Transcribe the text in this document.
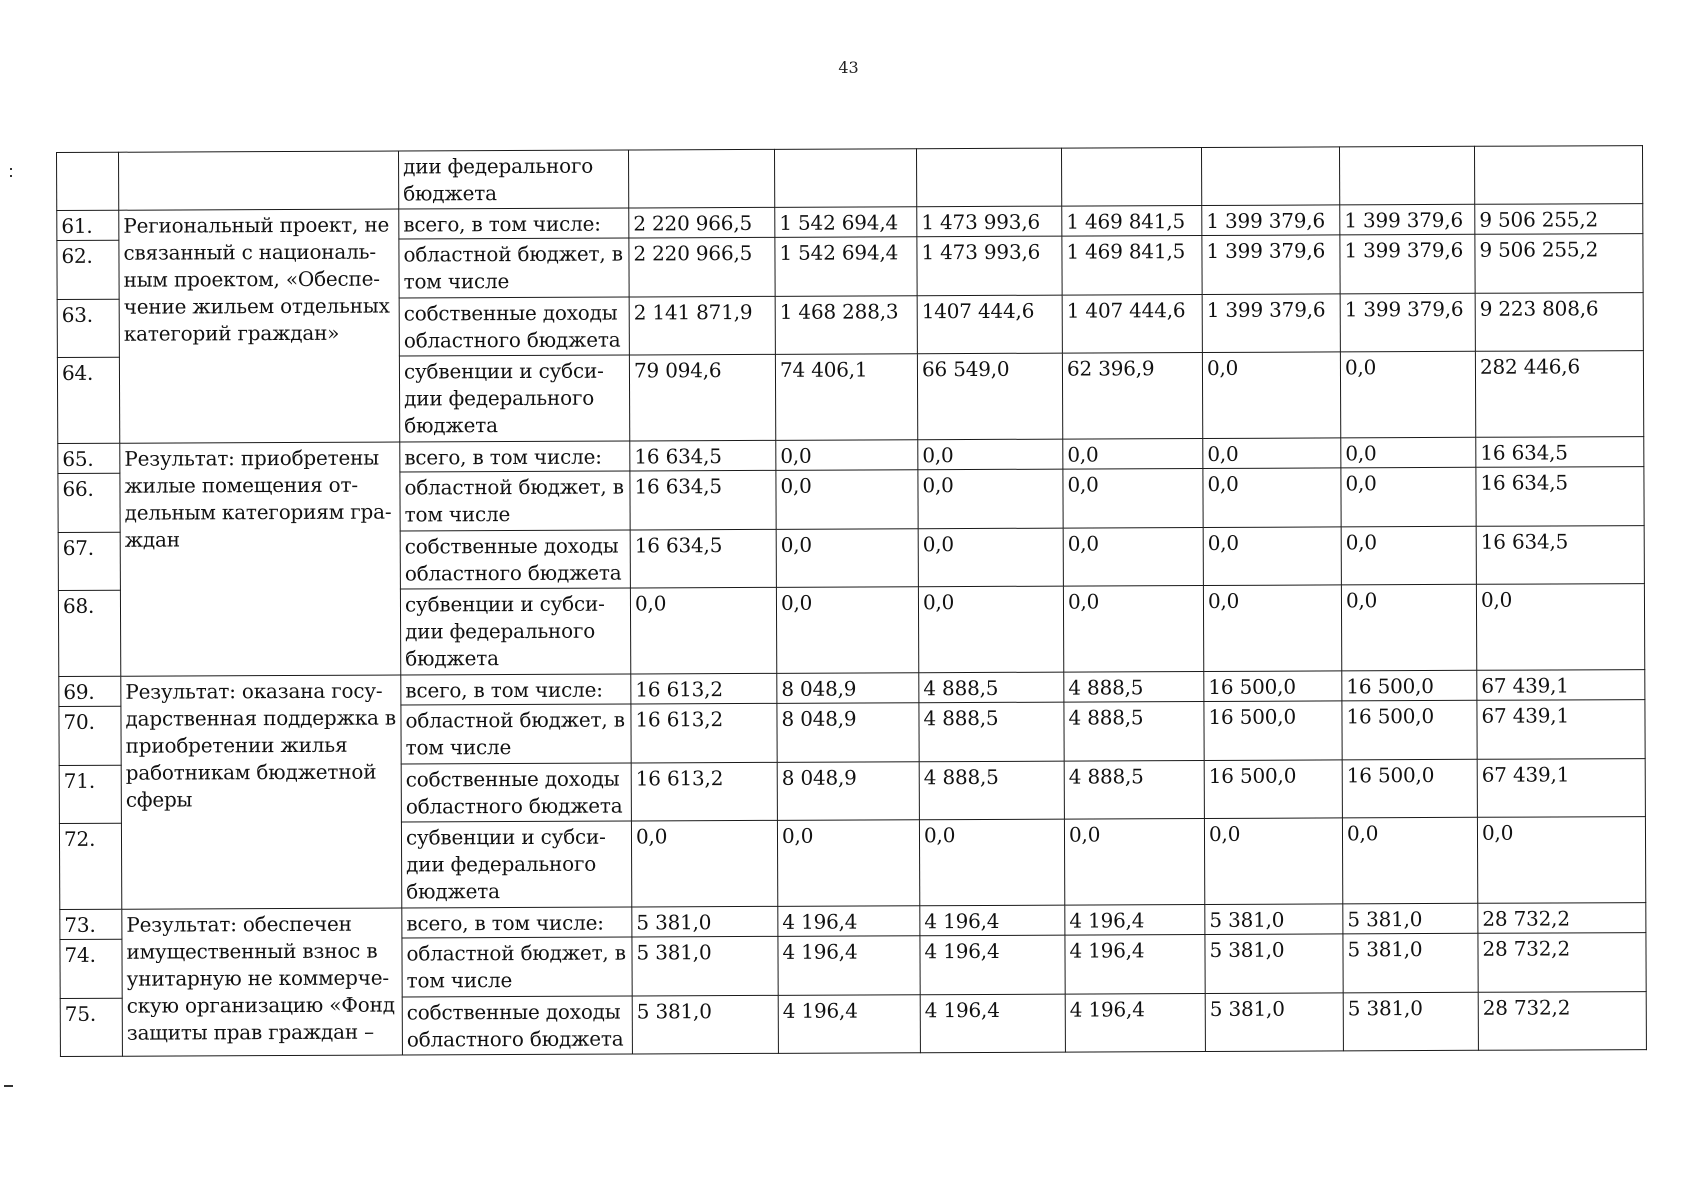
43
		дии федерального бюджета							
61.	Региональный проект, не связанный с националь-ным проектом, «Обеспе-чение жильем отдельных категорий граждан»	всего, в том числе:	2 220 966,5	1 542 694,4	1 473 993,6	1 469 841,5	1 399 379,6	1 399 379,6	9 506 255,2
62.		областной бюджет, в том числе	2 220 966,5	1 542 694,4	1 473 993,6	1 469 841,5	1 399 379,6	1 399 379,6	9 506 255,2
63.		собственные доходы областного бюджета	2 141 871,9	1 468 288,3	1407 444,6	1 407 444,6	1 399 379,6	1 399 379,6	9 223 808,6
64.		субвенции и субси-дии федерального бюджета	79 094,6	74 406,1	66 549,0	62 396,9	0,0	0,0	282 446,6
65.	Результат: приобретены жилые помещения от-дельным категориям гра-ждан	всего, в том числе:	16 634,5	0,0	0,0	0,0	0,0	0,0	16 634,5
66.		областной бюджет, в том числе	16 634,5	0,0	0,0	0,0	0,0	0,0	16 634,5
67.		собственные доходы областного бюджета	16 634,5	0,0	0,0	0,0	0,0	0,0	16 634,5
68.		субвенции и субси-дии федерального бюджета	0,0	0,0	0,0	0,0	0,0	0,0	0,0
69.	Результат: оказана госу-дарственная поддержка в приобретении жилья работникам бюджетной сферы	всего, в том числе:	16 613,2	8 048,9	4 888,5	4 888,5	16 500,0	16 500,0	67 439,1
70.		областной бюджет, в том числе	16 613,2	8 048,9	4 888,5	4 888,5	16 500,0	16 500,0	67 439,1
71.		собственные доходы областного бюджета	16 613,2	8 048,9	4 888,5	4 888,5	16 500,0	16 500,0	67 439,1
72.		субвенции и субси-дии федерального бюджета	0,0	0,0	0,0	0,0	0,0	0,0	0,0
73.	Результат: обеспечен имущественный взнос в унитарную не коммерче-скую организацию «Фонд защиты прав граждан –	всего, в том числе:	5 381,0	4 196,4	4 196,4	4 196,4	5 381,0	5 381,0	28 732,2
74.		областной бюджет, в том числе	5 381,0	4 196,4	4 196,4	4 196,4	5 381,0	5 381,0	28 732,2
75.		собственные доходы областного бюджета	5 381,0	4 196,4	4 196,4	4 196,4	5 381,0	5 381,0	28 732,2
